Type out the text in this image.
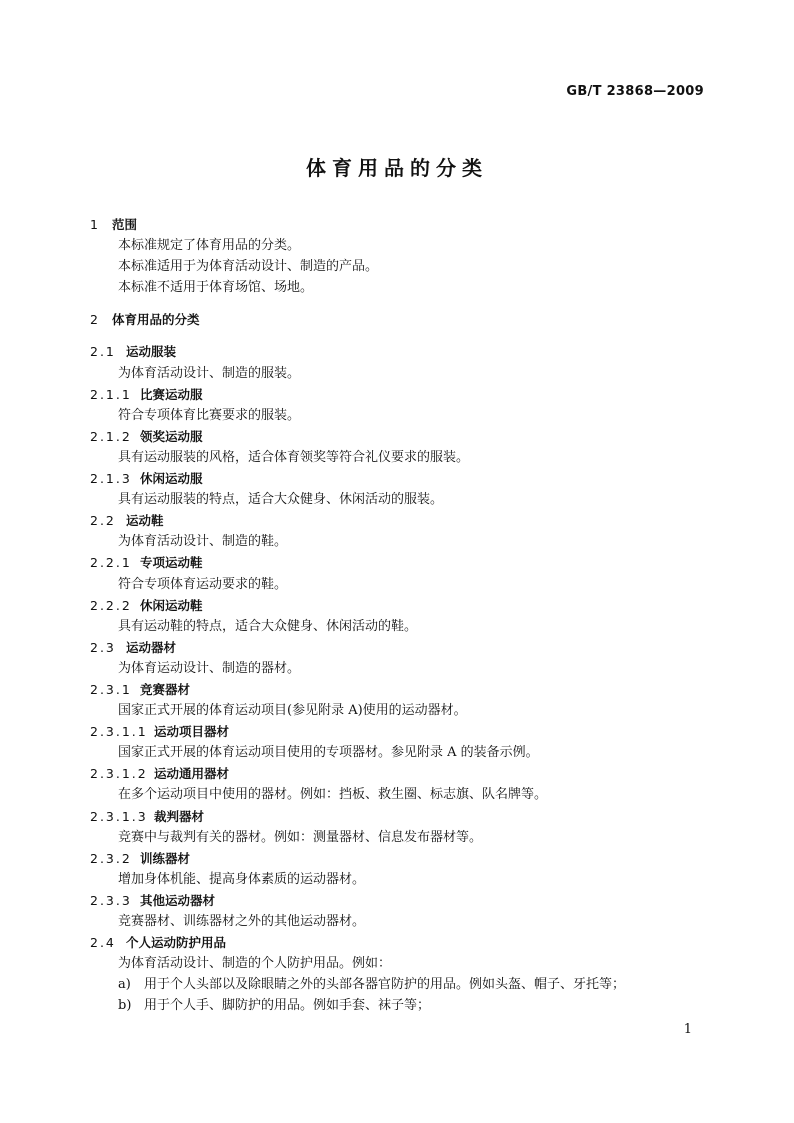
GB/T 23868—2009
体育用品的分类
1 范围
本标准规定了体育用品的分类。
本标准适用于为体育活动设计、制造的产品。
本标准不适用于体育场馆、场地。
2 体育用品的分类
2.1 运动服装
为体育活动设计、制造的服装。
2.1.1 比赛运动服
符合专项体育比赛要求的服装。
2.1.2 领奖运动服
具有运动服装的风格，适合体育领奖等符合礼仪要求的服装。
2.1.3 休闲运动服
具有运动服装的特点，适合大众健身、休闲活动的服装。
2.2 运动鞋
为体育活动设计、制造的鞋。
2.2.1 专项运动鞋
符合专项体育运动要求的鞋。
2.2.2 休闲运动鞋
具有运动鞋的特点，适合大众健身、休闲活动的鞋。
2.3 运动器材
为体育运动设计、制造的器材。
2.3.1 竞赛器材
国家正式开展的体育运动项目(参见附录 A)使用的运动器材。
2.3.1.1 运动项目器材
国家正式开展的体育运动项目使用的专项器材。参见附录 A 的装备示例。
2.3.1.2 运动通用器材
在多个运动项目中使用的器材。例如：挡板、救生圈、标志旗、队名牌等。
2.3.1.3 裁判器材
竞赛中与裁判有关的器材。例如：测量器材、信息发布器材等。
2.3.2 训练器材
增加身体机能、提高身体素质的运动器材。
2.3.3 其他运动器材
竞赛器材、训练器材之外的其他运动器材。
2.4 个人运动防护用品
为体育活动设计、制造的个人防护用品。例如：
a) 用于个人头部以及除眼睛之外的头部各器官防护的用品。例如头盔、帽子、牙托等；
b) 用于个人手、脚防护的用品。例如手套、袜子等；
1
